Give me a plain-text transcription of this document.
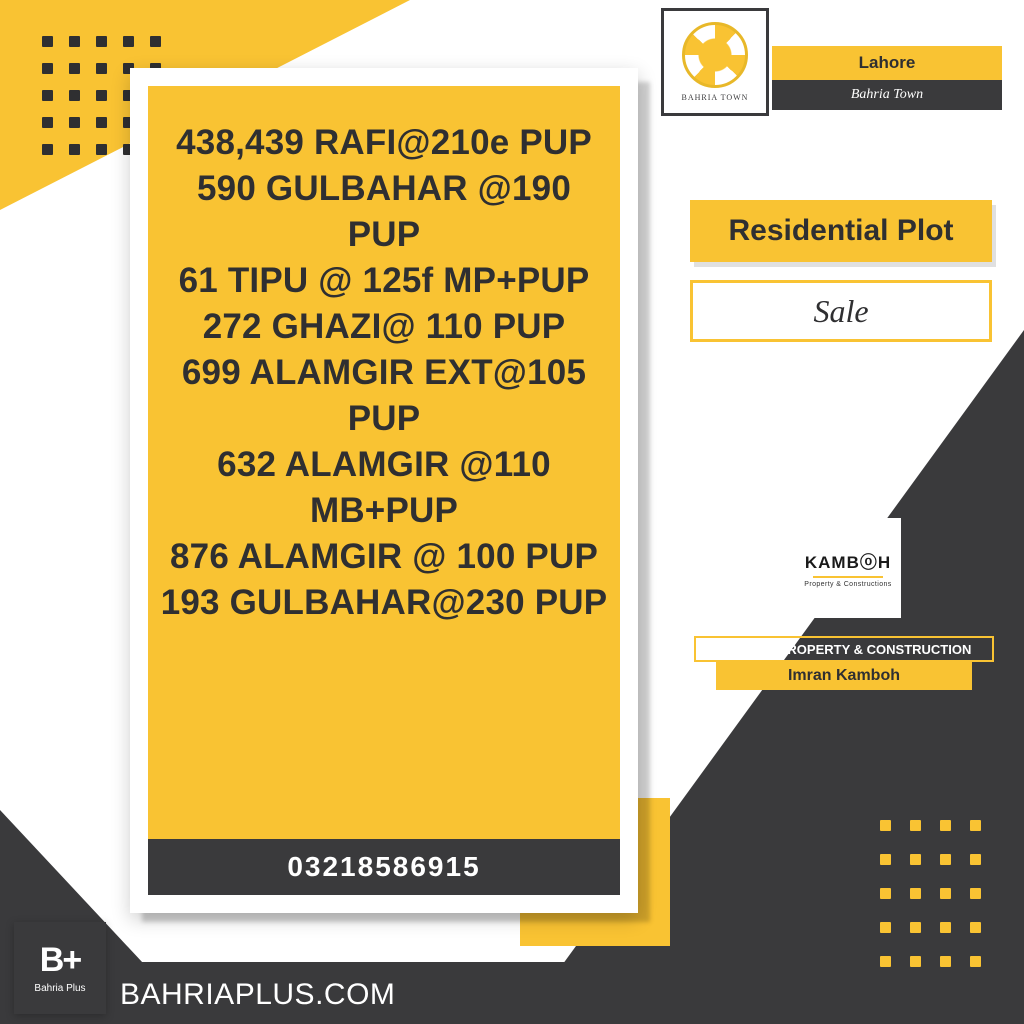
438,439 RAFI@210e PUP
590 GULBAHAR @190 PUP
61 TIPU @ 125f MP+PUP
272 GHAZI@ 110 PUP
699 ALAMGIR EXT@105 PUP
632 ALAMGIR @110 MB+PUP
876 ALAMGIR @ 100 PUP
193 GULBAHAR@230 PUP
03218586915
BAHRIA TOWN
Lahore
Bahria Town
Residential Plot
Sale
KAMBⓞH
Property & Constructions
KAMBOH PROPERTY & CONSTRUCTION
Imran Kamboh
B+
Bahria Plus BAHRIAPLUS.COM
